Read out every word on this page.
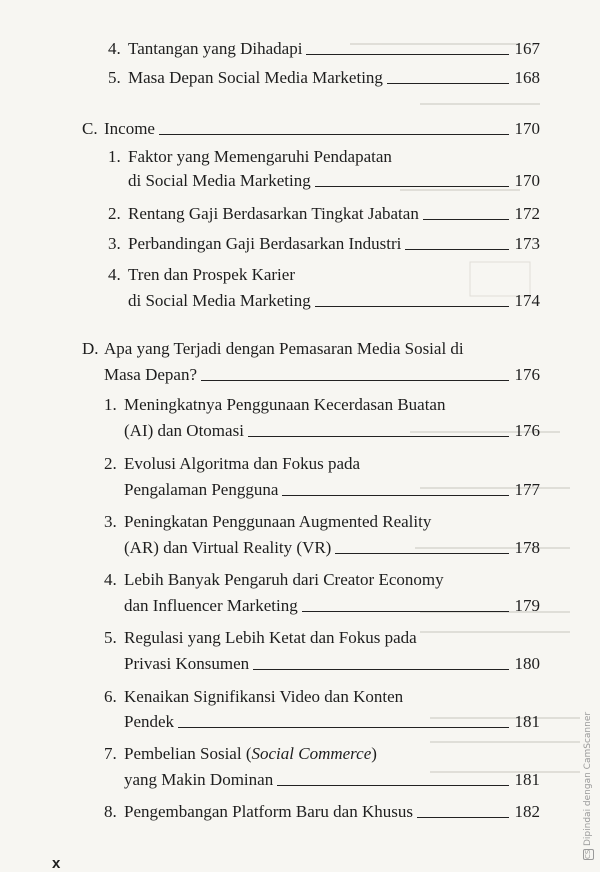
4. Tantangan yang Dihadapi	167
5. Masa Depan Social Media Marketing	168
C. Income	170
1. Faktor yang Memengaruhi Pendapatan
di Social Media Marketing	170
2. Rentang Gaji Berdasarkan Tingkat Jabatan	172
3. Perbandingan Gaji Berdasarkan Industri	173
4. Tren dan Prospek Karier
di Social Media Marketing	174
D. Apa yang Terjadi dengan Pemasaran Media Sosial di
Masa Depan?	176
1. Meningkatnya Penggunaan Kecerdasan Buatan
(AI) dan Otomasi	176
2. Evolusi Algoritma dan Fokus pada
Pengalaman Pengguna	177
3. Peningkatan Penggunaan Augmented Reality
(AR) dan Virtual Reality (VR)	178
4. Lebih Banyak Pengaruh dari Creator Economy
dan Influencer Marketing	179
5. Regulasi yang Lebih Ketat dan Fokus pada
Privasi Konsumen	180
6. Kenaikan Signifikansi Video dan Konten
Pendek	181
7. Pembelian Sosial ( Social Commerce )
yang Makin Dominan	181
8. Pengembangan Platform Baru dan Khusus	182
x
CSDipindai dengan CamScanner
